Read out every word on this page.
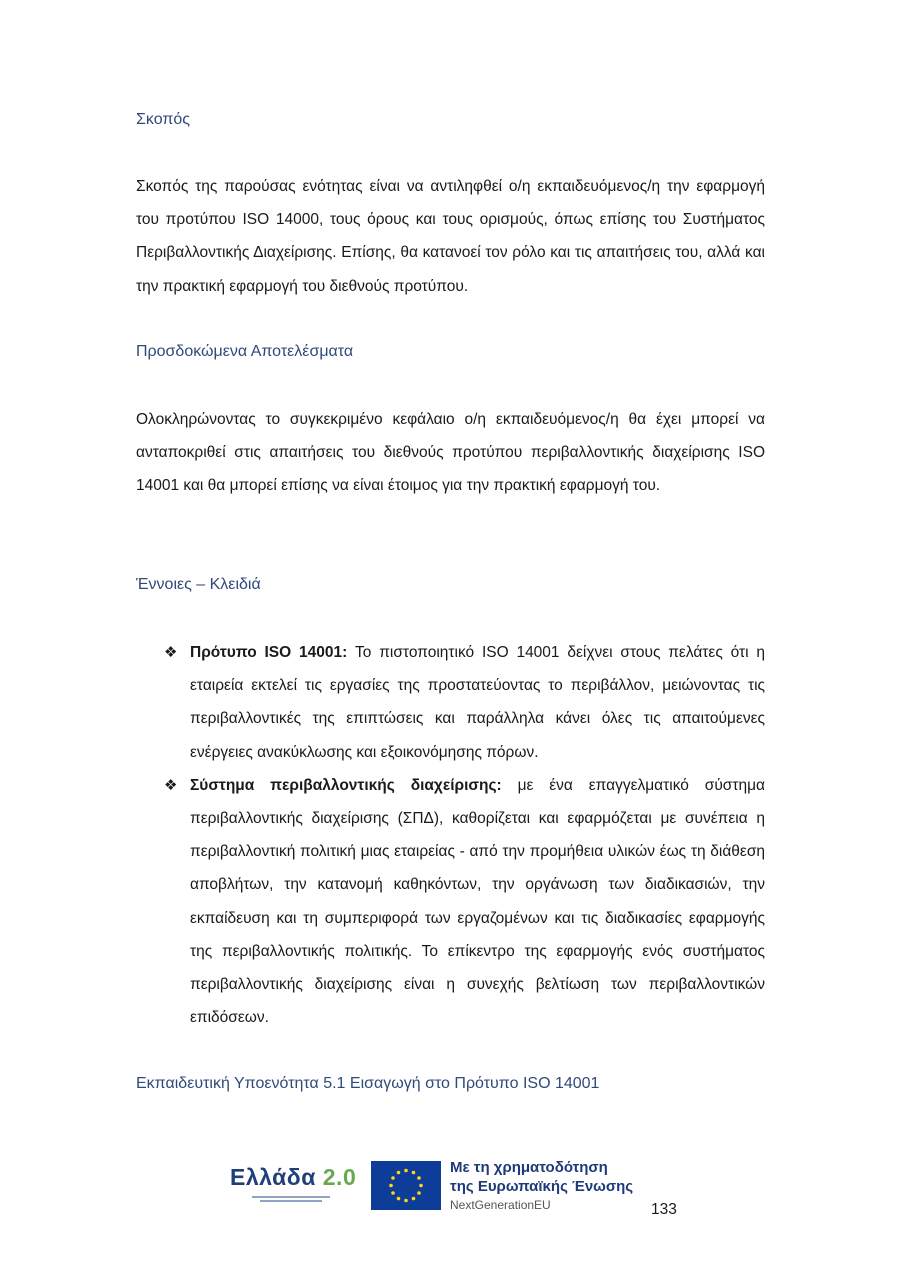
Σκοπός

Σκοπός της παρούσας ενότητας είναι να αντιληφθεί ο/η εκπαιδευόμενος/η την εφαρμογή του προτύπου ISO 14000, τους όρους και τους ορισμούς, όπως επίσης του Συστήματος Περιβαλλοντικής Διαχείρισης. Επίσης, θα κατανοεί τον ρόλο και τις απαιτήσεις του, αλλά και την πρακτική εφαρμογή του διεθνούς προτύπου.

Προσδοκώμενα Αποτελέσματα

Ολοκληρώνοντας το συγκεκριμένο κεφάλαιο ο/η εκπαιδευόμενος/η θα έχει μπορεί να ανταποκριθεί στις απαιτήσεις του διεθνούς προτύπου περιβαλλοντικής διαχείρισης ISO 14001 και θα μπορεί επίσης να είναι έτοιμος για την πρακτική εφαρμογή του.

Έννοιες – Κλειδιά
❖ Πρότυπο ISO 14001: Το πιστοποιητικό ISO 14001 δείχνει στους πελάτες ότι η εταιρεία εκτελεί τις εργασίες της προστατεύοντας το περιβάλλον, μειώνοντας τις περιβαλλοντικές της επιπτώσεις και παράλληλα κάνει όλες τις απαιτούμενες ενέργειες ανακύκλωσης και εξοικονόμησης πόρων.
❖ Σύστημα περιβαλλοντικής διαχείρισης: με ένα επαγγελματικό σύστημα περιβαλλοντικής διαχείρισης (ΣΠΔ), καθορίζεται και εφαρμόζεται με συνέπεια η περιβαλλοντική πολιτική μιας εταιρείας - από την προμήθεια υλικών έως τη διάθεση αποβλήτων, την κατανομή καθηκόντων, την οργάνωση των διαδικασιών, την εκπαίδευση και τη συμπεριφορά των εργαζομένων και τις διαδικασίες εφαρμογής της περιβαλλοντικής πολιτικής. Το επίκεντρο της εφαρμογής ενός συστήματος περιβαλλοντικής διαχείρισης είναι η συνεχής βελτίωση των περιβαλλοντικών επιδόσεων.
Εκπαιδευτική Υποενότητα 5.1 Εισαγωγή στο Πρότυπο ISO 14001
Ελλάδα 2.0	Με τη χρηματοδότηση
της Ευρωπαϊκής Ένωσης
NextGenerationEU	133
